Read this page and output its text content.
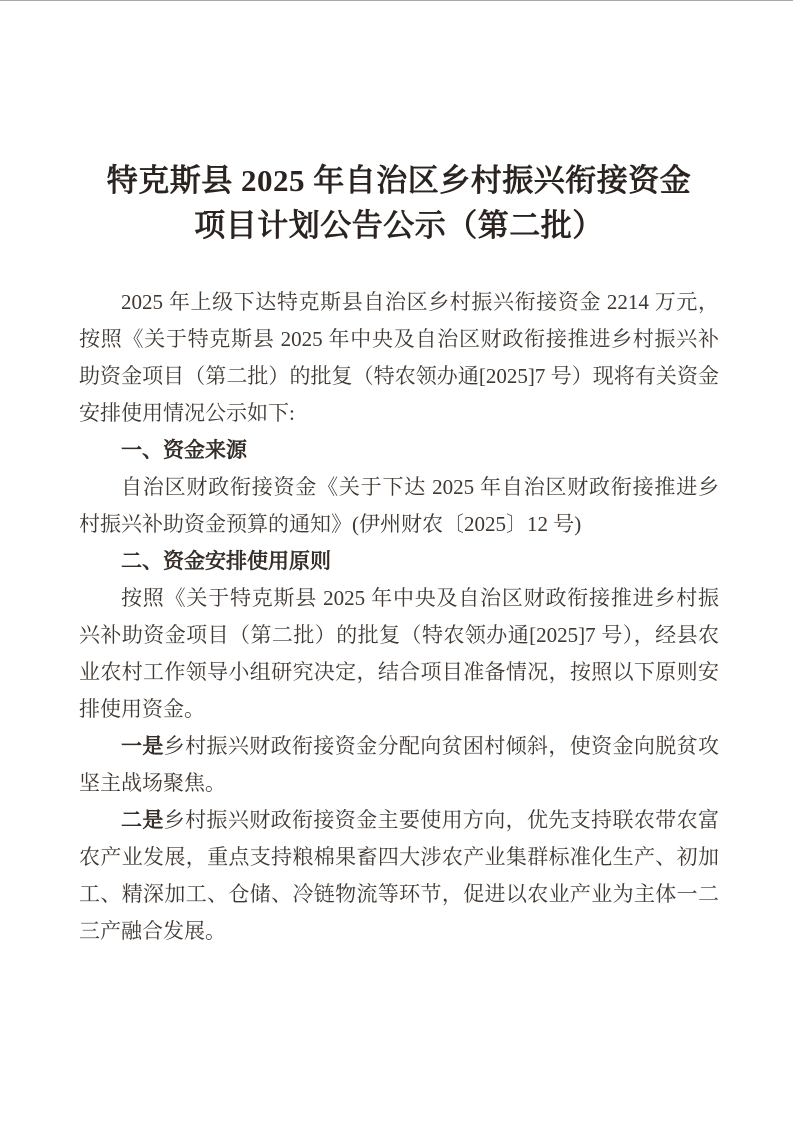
特克斯县 2025 年自治区乡村振兴衔接资金
项目计划公告公示（第二批）

2025 年上级下达特克斯县自治区乡村振兴衔接资金 2214 万元，按照《关于特克斯县 2025 年中央及自治区财政衔接推进乡村振兴补助资金项目（第二批）的批复（特农领办通[2025]7 号）现将有关资金安排使用情况公示如下:

一、资金来源

自治区财政衔接资金《关于下达 2025 年自治区财政衔接推进乡村振兴补助资金预算的通知》(伊州财农〔2025〕12 号)

二、资金安排使用原则

按照《关于特克斯县 2025 年中央及自治区财政衔接推进乡村振兴补助资金项目（第二批）的批复（特农领办通[2025]7 号），经县农业农村工作领导小组研究决定，结合项目准备情况，按照以下原则安排使用资金。

一是乡村振兴财政衔接资金分配向贫困村倾斜，使资金向脱贫攻坚主战场聚焦。

二是乡村振兴财政衔接资金主要使用方向，优先支持联农带农富农产业发展，重点支持粮棉果畜四大涉农产业集群标准化生产、初加工、精深加工、仓储、冷链物流等环节，促进以农业产业为主体一二三产融合发展。
